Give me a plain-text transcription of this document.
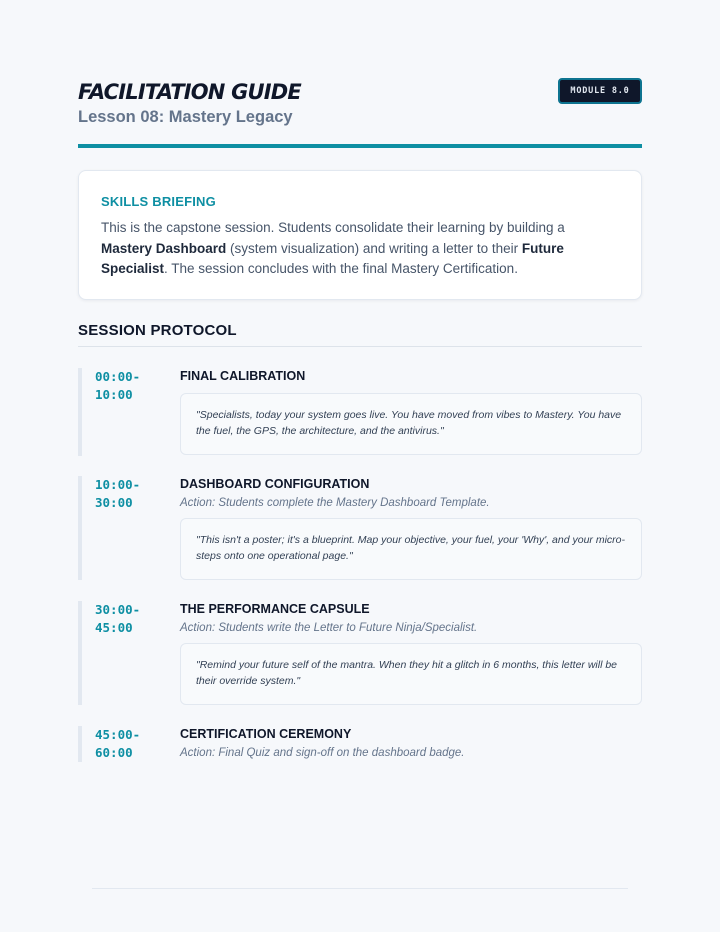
FACILITATION GUIDE
Lesson 08: Mastery Legacy
MODULE 8.0
SKILLS BRIEFING
This is the capstone session. Students consolidate their learning by building a Mastery Dashboard (system visualization) and writing a letter to their Future Specialist. The session concludes with the final Mastery Certification.
SESSION PROTOCOL
00:00-
10:00
FINAL CALIBRATION
"Specialists, today your system goes live. You have moved from vibes to Mastery. You have the fuel, the GPS, the architecture, and the antivirus."
10:00-
30:00
DASHBOARD CONFIGURATION
Action: Students complete the Mastery Dashboard Template.
"This isn't a poster; it's a blueprint. Map your objective, your fuel, your 'Why', and your micro-steps onto one operational page."
30:00-
45:00
THE PERFORMANCE CAPSULE
Action: Students write the Letter to Future Ninja/Specialist.
"Remind your future self of the mantra. When they hit a glitch in 6 months, this letter will be their override system."
45:00-
60:00
CERTIFICATION CEREMONY
Action: Final Quiz and sign-off on the dashboard badge.
